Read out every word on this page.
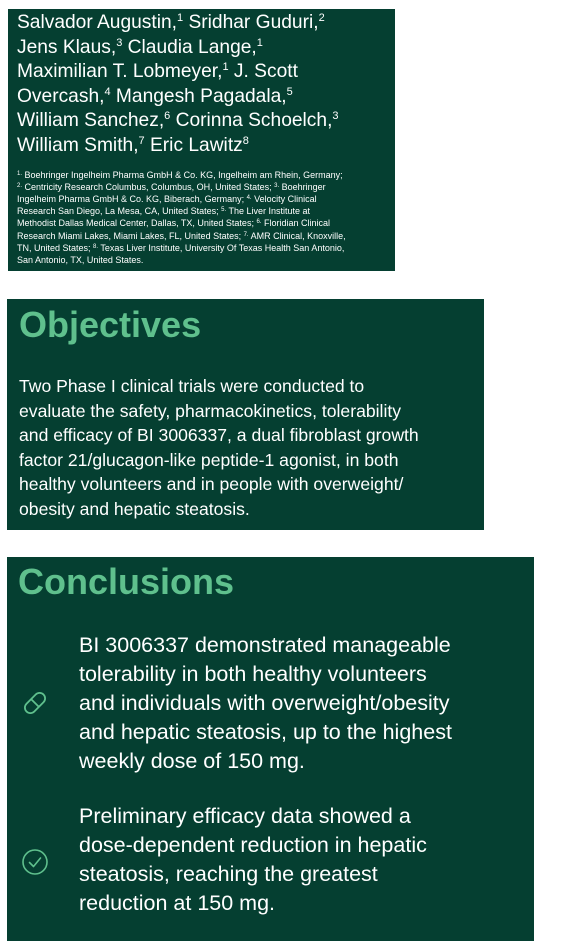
Salvador Augustin,$^1$ Sridhar Guduri,$^2$
Jens Klaus,$^3$ Claudia Lange,$^1$
Maximilian T. Lobmeyer,$^1$ J. Scott
Overcash,$^4$ Mangesh Pagadala,$^5$
William Sanchez,$^6$ Corinna Schoelch,$^3$
William Smith,$^7$ Eric Lawitz$^8$
$^{1.}$ Boehringer Ingelheim Pharma GmbH & Co. KG, Ingelheim am Rhein, Germany;
$^{2.}$ Centricity Research Columbus, Columbus, OH, United States; $^{3.}$ Boehringer
Ingelheim Pharma GmbH & Co. KG, Biberach, Germany; $^{4.}$ Velocity Clinical
Research San Diego, La Mesa, CA, United States; $^{5.}$ The Liver Institute at
Methodist Dallas Medical Center, Dallas, TX, United States; $^{6.}$ Floridian Clinical
Research Miami Lakes, Miami Lakes, FL, United States; $^{7.}$ AMR Clinical, Knoxville,
TN, United States; $^{8.}$ Texas Liver Institute, University Of Texas Health San Antonio,
San Antonio, TX, United States.
Objectives

Two Phase I clinical trials were conducted to
evaluate the safety, pharmacokinetics, tolerability
and efficacy of BI 3006337, a dual fibroblast growth
factor 21/glucagon-like peptide-1 agonist, in both
healthy volunteers and in people with overweight/
obesity and hepatic steatosis.

Conclusions

BI 3006337 demonstrated manageable
tolerability in both healthy volunteers
and individuals with overweight/obesity
and hepatic steatosis, up to the highest
weekly dose of 150 mg.

Preliminary efficacy data showed a
dose-dependent reduction in hepatic
steatosis, reaching the greatest
reduction at 150 mg.
